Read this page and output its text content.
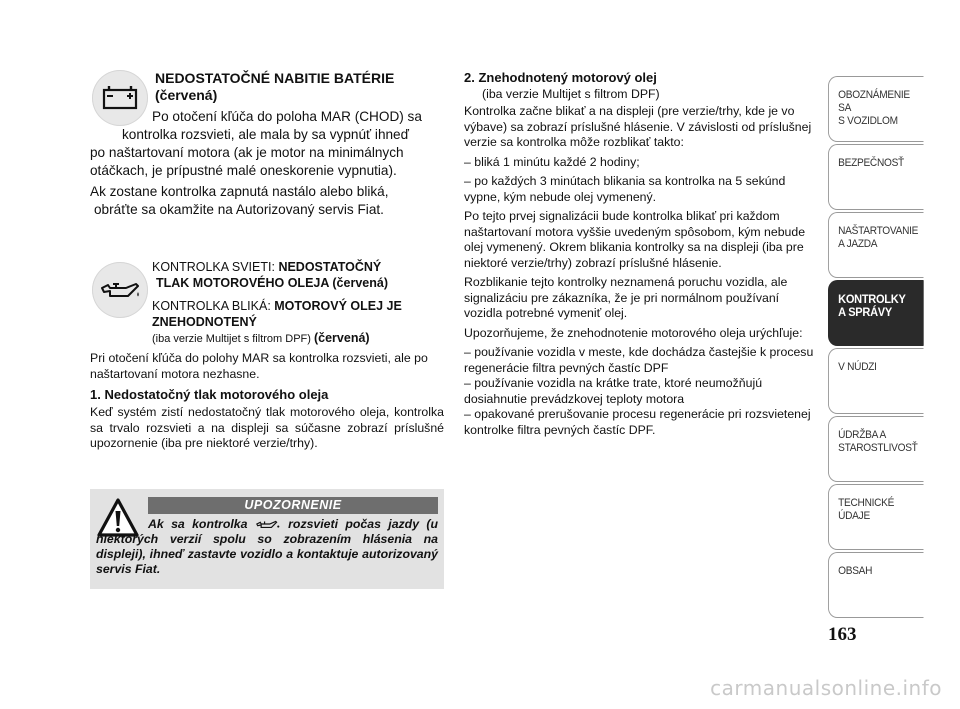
NEDOSTATOČNÉ NABITIE BATÉRIE
(červená)
Po otočení kľúča do poloha MAR (CHOD) sa
kontrolka rozsvieti, ale mala by sa vypnúť ihneď
po naštartovaní motora (ak je motor na minimálnych
otáčkach, je prípustné malé oneskorenie vypnutia).
Ak zostane kontrolka zapnutá nastálo alebo bliká,
obráťte sa okamžite na Autorizovaný servis Fiat.
KONTROLKA SVIETI: NEDOSTATOČNÝ
TLAK MOTOROVÉHO OLEJA (červená)
KONTROLKA BLIKÁ: MOTOROVÝ OLEJ JE
ZNEHODNOTENÝ
(iba verzie Multijet s filtrom DPF) (červená)
Pri otočení kľúča do polohy MAR sa kontrolka rozsvieti, ale po naštartovaní motora nezhasne.
1. Nedostatočný tlak motorového oleja
Keď systém zistí nedostatočný tlak motorového oleja, kontrolka sa trvalo rozsvieti a na displeji sa súčasne zobrazí príslušné upozornenie (iba pre niektoré verzie/trhy).
UPOZORNENIE
Ak sa kontrolka  rozsvieti počas jazdy (u niektorých verzií spolu so zobrazením hlásenia na displeji), ihneď zastavte vozidlo a kontaktuje autorizovaný servis Fiat.

2. Znehodnotený motorový olej

(iba verzie Multijet s filtrom DPF)

Kontrolka začne blikať a na displeji (pre verzie/trhy, kde je vo výbave) sa zobrazí príslušné hlásenie. V závislosti od príslušnej verzie sa kontrolka môže rozblikať takto:

– bliká 1 minútu každé 2 hodiny;

– po každých 3 minútach blikania sa kontrolka na 5 sekúnd vypne, kým nebude olej vymenený.

Po tejto prvej signalizácii bude kontrolka blikať pri každom naštartovaní motora vyššie uvedeným spôsobom, kým nebude olej vymenený. Okrem blikania kontrolky sa na displeji (iba pre niektoré verzie/trhy) zobrazí príslušné hlásenie.

Rozblikanie tejto kontrolky neznamená poruchu vozidla, ale signalizáciu pre zákazníka, že je pri normálnom používaní vozidla potrebné vymeniť olej.

Upozorňujeme, že znehodnotenie motorového oleja urýchľuje:

– používanie vozidla v meste, kde dochádza častejšie k procesu regenerácie filtra pevných častíc DPF

– používanie vozidla na krátke trate, ktoré neumožňujú dosiahnutie prevádzkovej teploty motora

– opakované prerušovanie procesu regenerácie pri rozsvietenej kontrolke filtra pevných častíc DPF.

OBOZNÁMENIE SA
S VOZIDLOM
BEZPEČNOSŤ
NAŠTARTOVANIE
A JAZDA
KONTROLKY
A SPRÁVY
V NÚDZI
ÚDRŽBA A
STAROSTLIVOSŤ
TECHNICKÉ
ÚDAJE
OBSAH
163
carmanualsonline.info
